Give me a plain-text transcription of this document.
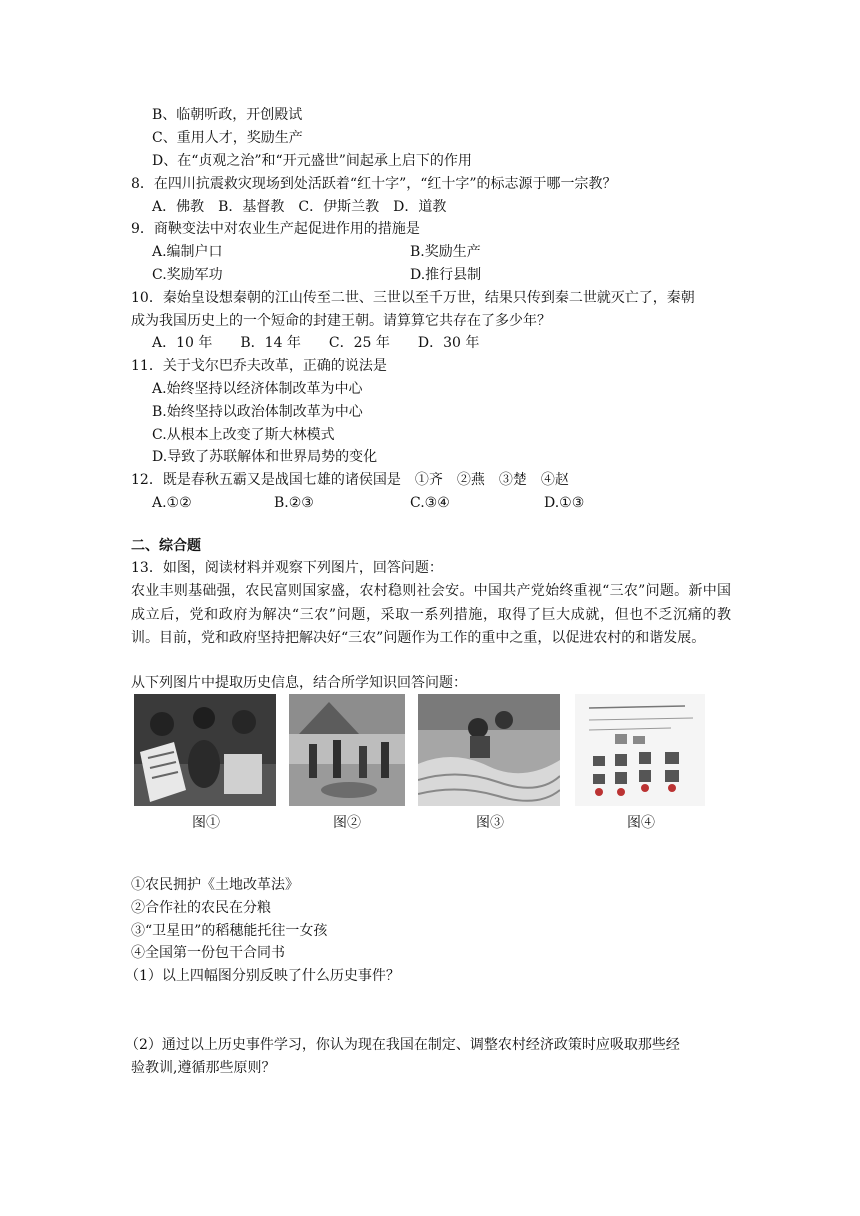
B、临朝听政，开创殿试
C、重用人才，奖励生产
D、在“贞观之治”和“开元盛世”间起承上启下的作用
8．在四川抗震救灾现场到处活跃着“红十字”，“红十字”的标志源于哪一宗教？
A．佛教　B．基督教　C．伊斯兰教　D．道教
9．商鞅变法中对农业生产起促进作用的措施是
A.编制户口	B.奖励生产
C.奖励军功	D.推行县制
10．秦始皇设想秦朝的江山传至二世、三世以至千万世，结果只传到秦二世就灭亡了，秦朝
成为我国历史上的一个短命的封建王朝。请算算它共存在了多少年？
A．10 年　　B．14 年　　C．25 年　　D．30 年
11．关于戈尔巴乔夫改革，正确的说法是
A.始终坚持以经济体制改革为中心
B.始终坚持以政治体制改革为中心
C.从根本上改变了斯大林模式
D.导致了苏联解体和世界局势的变化
12．既是春秋五霸又是战国七雄的诸侯国是　①齐　②燕　③楚　④赵
A.①②	B.②③	C.③④	D.①③
二、综合题
13．如图，阅读材料并观察下列图片，回答问题：
农业丰则基础强，农民富则国家盛，农村稳则社会安。中国共产党始终重视“三农”问题。新中国成立后，党和政府为解决“三农”问题，采取一系列措施，取得了巨大成就，但也不乏沉痛的教训。目前，党和政府坚持把解决好“三农”问题作为工作的重中之重，以促进农村的和谐发展。
从下列图片中提取历史信息，结合所学知识回答问题：
图①	图②	图③	图④
①农民拥护《土地改革法》
②合作社的农民在分粮
③“卫星田”的稻穗能托往一女孩
④全国第一份包干合同书
（1）以上四幅图分别反映了什么历史事件？
（2）通过以上历史事件学习，你认为现在我国在制定、调整农村经济政策时应吸取那些经
验教训,遵循那些原则？
